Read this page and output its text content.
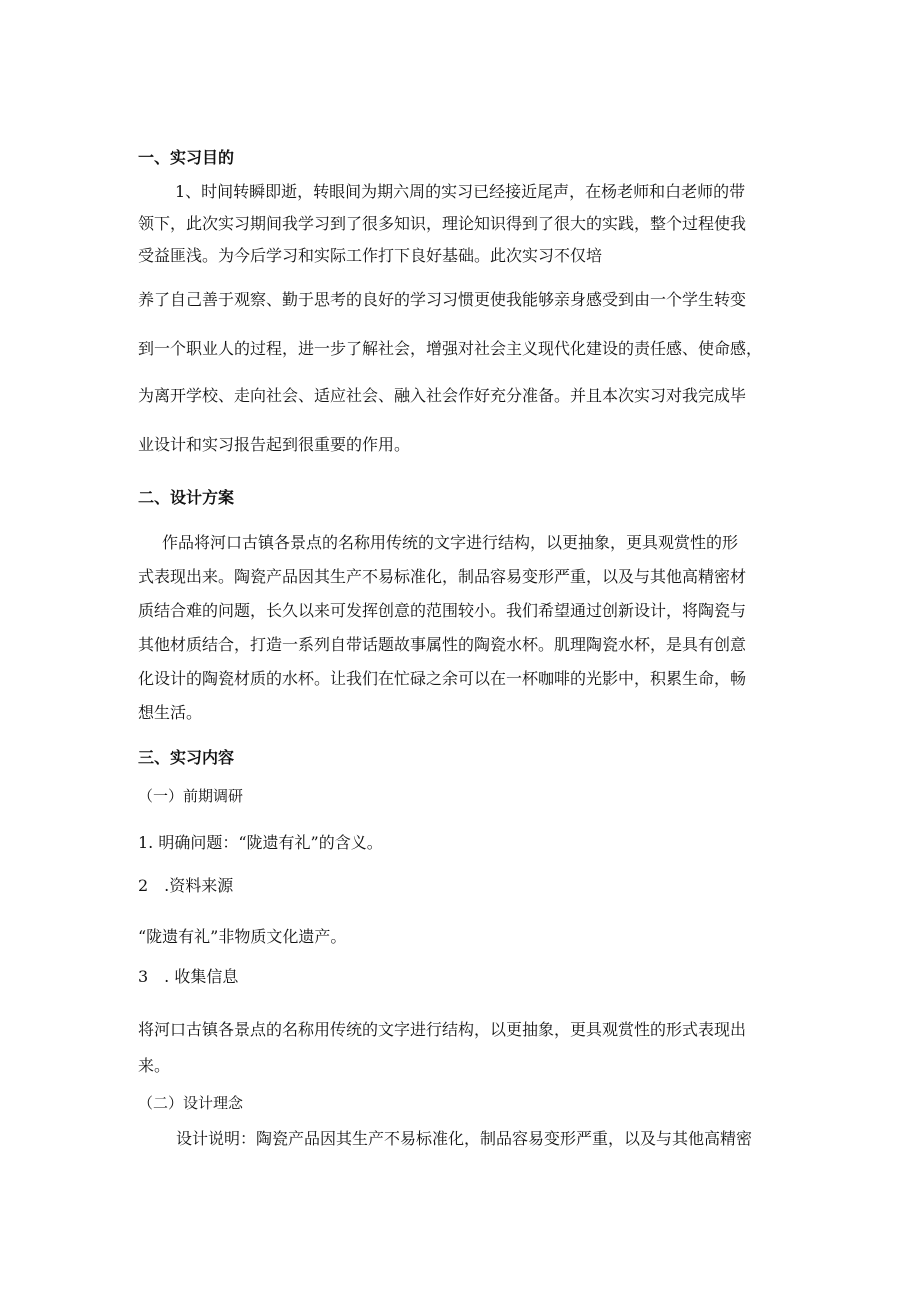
一、实习目的
1、时间转瞬即逝，转眼间为期六周的实习已经接近尾声，在杨老师和白老师的带
领下，此次实习期间我学习到了很多知识，理论知识得到了很大的实践，整个过程使我
受益匪浅。为今后学习和实际工作打下良好基础。此次实习不仅培
养了自己善于观察、勤于思考的良好的学习习惯更使我能够亲身感受到由一个学生转变
到一个职业人的过程，进一步了解社会，增强对社会主义现代化建设的责任感、使命感，
为离开学校、走向社会、适应社会、融入社会作好充分准备。并且本次实习对我完成毕
业设计和实习报告起到很重要的作用。
二、设计方案
作品将河口古镇各景点的名称用传统的文字进行结构，以更抽象，更具观赏性的形
式表现出来。陶瓷产品因其生产不易标准化，制品容易变形严重，以及与其他高精密材
质结合难的问题，长久以来可发挥创意的范围较小。我们希望通过创新设计，将陶瓷与
其他材质结合，打造一系列自带话题故事属性的陶瓷水杯。肌理陶瓷水杯，是具有创意
化设计的陶瓷材质的水杯。让我们在忙碌之余可以在一杯咖啡的光影中，积累生命，畅
想生活。
三、实习内容
（一）前期调研
1. 明确问题：“陇遗有礼”的含义。
2　.资料来源
“陇遗有礼”非物质文化遗产。
3　. 收集信息
将河口古镇各景点的名称用传统的文字进行结构，以更抽象，更具观赏性的形式表现出
来。
（二）设计理念
设计说明：陶瓷产品因其生产不易标准化，制品容易变形严重，以及与其他高精密
